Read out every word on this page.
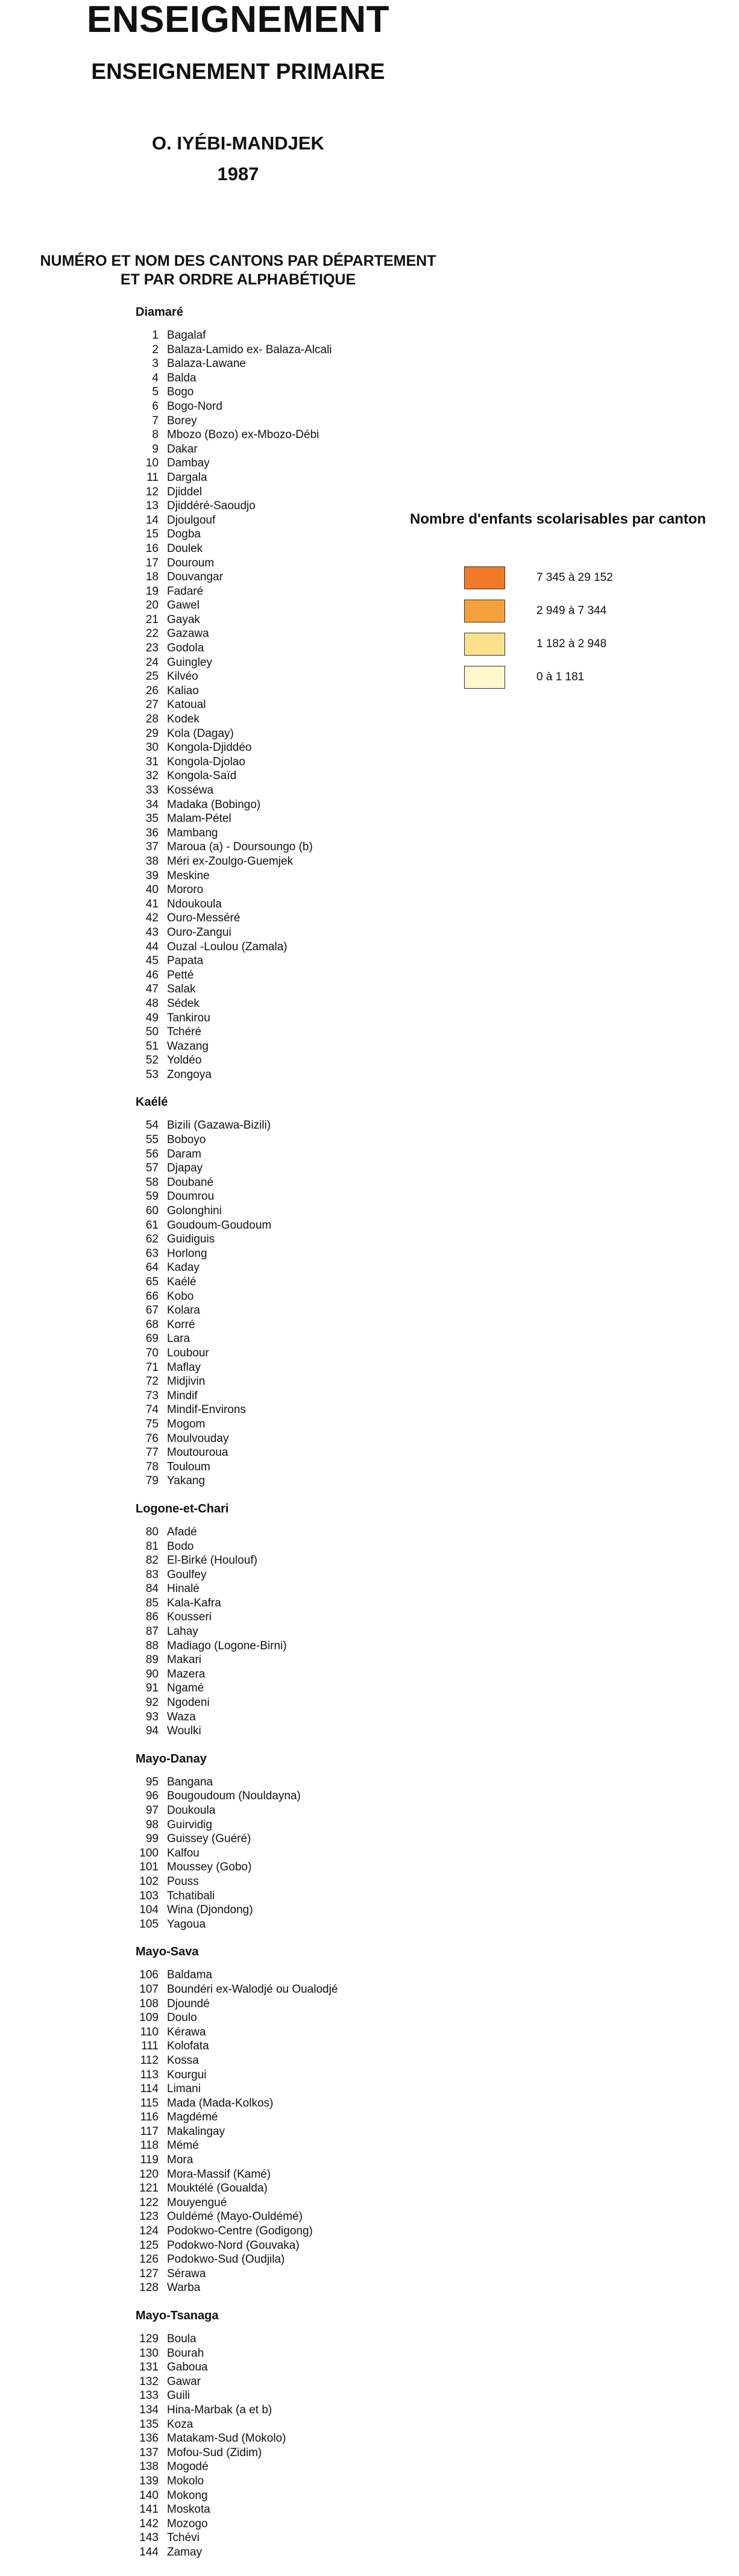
ENSEIGNEMENT
ENSEIGNEMENT PRIMAIRE
O. IYÉBI-MANDJEK
1987
NUMÉRO ET NOM DES CANTONS PAR DÉPARTEMENT
ET PAR ORDRE ALPHABÉTIQUE
Diamaré
1 Bagalaf
2 Balaza-Lamido ex- Balaza-Alcali
3 Balaza-Lawane
4 Balda
5 Bogo
6 Bogo-Nord
7 Borey
8 Mbozo (Bozo) ex-Mbozo-Débi
9 Dakar
10 Dambay
11 Dargala
12 Djiddel
13 Djiddéré-Saoudjo
14 Djoulgouf
15 Dogba
16 Doulek
17 Douroum
18 Douvangar
19 Fadaré
20 Gawel
21 Gayak
22 Gazawa
23 Godola
24 Guingley
25 Kilvéo
26 Kaliao
27 Katoual
28 Kodek
29 Kola (Dagay)
30 Kongola-Djiddéo
31 Kongola-Djolao
32 Kongola-Saïd
33 Kosséwa
34 Madaka (Bobingo)
35 Malam-Pétel
36 Mambang
37 Maroua (a) - Doursoungo (b)
38 Méri ex-Zoulgo-Guemjek
39 Meskine
40 Mororo
41 Ndoukoula
42 Ouro-Messéré
43 Ouro-Zangui
44 Ouzal -Loulou (Zamala)
45 Papata
46 Petté
47 Salak
48 Sédek
49 Tankirou
50 Tchéré
51 Wazang
52 Yoldéo
53 Zongoya
Kaélé
54 Bizili (Gazawa-Bizili)
55 Boboyo
56 Daram
57 Djapay
58 Doubané
59 Doumrou
60 Golonghini
61 Goudoum-Goudoum
62 Guidiguis
63 Horlong
64 Kaday
65 Kaélé
66 Kobo
67 Kolara
68 Korré
69 Lara
70 Loubour
71 Maflay
72 Midjivin
73 Mindif
74 Mindif-Environs
75 Mogom
76 Moulvouday
77 Moutouroua
78 Touloum
79 Yakang
Logone-et-Chari
80 Afadé
81 Bodo
82 El-Birké (Houlouf)
83 Goulfey
84 Hinalé
85 Kala-Kafra
86 Kousseri
87 Lahay
88 Madiago (Logone-Birni)
89 Makari
90 Mazera
91 Ngamé
92 Ngodeni
93 Waza
94 Woulki
Mayo-Danay
95 Bangana
96 Bougoudoum (Nouldayna)
97 Doukoula
98 Guirvidig
99 Guissey (Guéré)
100 Kalfou
101 Moussey (Gobo)
102 Pouss
103 Tchatibali
104 Wina (Djondong)
105 Yagoua
Mayo-Sava
106 Baldama
107 Boundéri ex-Walodjé ou Oualodjé
108 Djoundé
109 Doulo
110 Kérawa
111 Kolofata
112 Kossa
113 Kourgui
114 Limani
115 Mada (Mada-Kolkos)
116 Magdémé
117 Makalingay
118 Mémé
119 Mora
120 Mora-Massif (Kamé)
121 Mouktélé (Goualda)
122 Mouyengué
123 Ouldémé (Mayo-Ouldémé)
124 Podokwo-Centre (Godigong)
125 Podokwo-Nord (Gouvaka)
126 Podokwo-Sud (Oudjila)
127 Sérawa
128 Warba
Mayo-Tsanaga
129 Boula
130 Bourah
131 Gaboua
132 Gawar
133 Guili
134 Hina-Marbak (a et b)
135 Koza
136 Matakam-Sud (Mokolo)
137 Mofou-Sud (Zidim)
138 Mogodé
139 Mokolo
140 Mokong
141 Moskota
142 Mozogo
143 Tchévi
144 Zamay
Nombre d'enfants scolarisables par canton
7 345 à 29 152
2 949 à 7 344
1 182 à 2 948
0 à 1 181
